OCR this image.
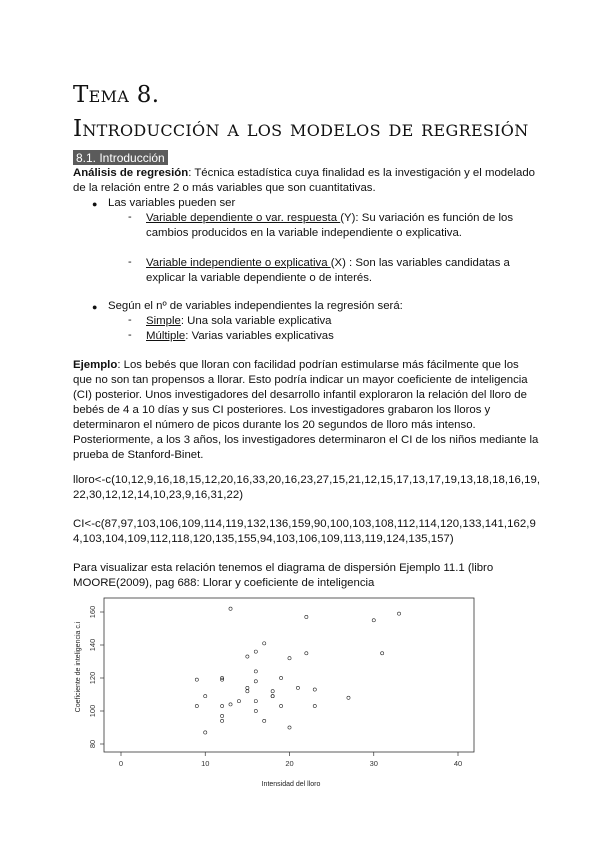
Tema 8.
Introducción a los modelos de regresión
8.1. Introducción

Análisis de regresión: Técnica estadística cuya finalidad es la investigación y el modelado de la relación entre 2 o más variables que son cuantitativas.

● Las variables pueden ser
- Variable dependiente o var. respuesta (Y): Su variación es función de los cambios producidos en la variable independiente o explicativa.

- Variable independiente o explicativa (X) : Son las variables candidatas a explicar la variable dependiente o de interés.

● Según el nº de variables independientes la regresión será:
- Simple: Una sola variable explicativa
- Múltiple: Varias variables explicativas

Ejemplo: Los bebés que lloran con facilidad podrían estimularse más fácilmente que los que no son tan propensos a llorar. Esto podría indicar un mayor coeficiente de inteligencia (CI) posterior. Unos investigadores del desarrollo infantil exploraron la relación del lloro de bebés de 4 a 10 días y sus CI posteriores. Los investigadores grabaron los lloros y determinaron el número de picos durante los 20 segundos de lloro más intenso. Posteriormente, a los 3 años, los investigadores determinaron el CI de los niños mediante la prueba de Stanford-Binet.

lloro<-c(10,12,9,16,18,15,12,20,16,33,20,16,23,27,15,21,12,15,17,13,17,19,13,18,18,16,19,22,30,12,12,14,10,23,9,16,31,22)

CI<-c(87,97,103,106,109,114,119,132,136,159,90,100,103,108,112,114,120,133,141,162,94,103,104,109,112,118,120,135,155,94,103,106,109,113,119,124,135,157)

Para visualizar esta relación tenemos el diagrama de dispersión Ejemplo 11.1 (libro MOORE(2009), pag 688: Llorar y coeficiente de inteligencia

0	10	20	30	40
80
100
120
140
160
Intensidad del lloro
Coeficiente de inteligencia c.i
